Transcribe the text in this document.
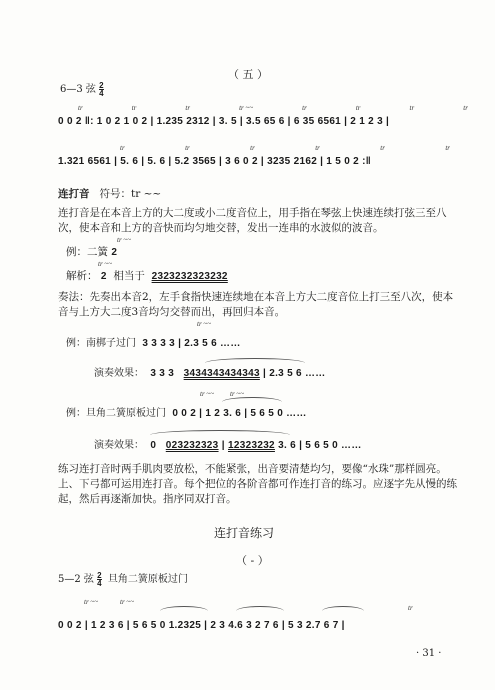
（ 五 ）
6—3 弦 $\frac{2}{4}$
tr	tr	tr	tr ~~	tr	tr	tr	tr
0 0 2 ‖: 1 0 2 1 0 2 | 1.235 2312 | 3. 5 | 3.5 65 6 | 6 35 6561 | 2 1 2 3 |
tr	tr	tr	tr	tr	tr
1.321 6561 | 5. 6 | 5. 6 | 5.2 3565 | 3 6 0 2 | 3235 2162 | 1 5 0 2 :‖
连打音 符号：tr ~~
连打音是在本音上方的大二度或小二度音位上，用手指在琴弦上快速连续打弦三至八次，使本音和上方的音快而均匀地交替，发出一连串的水波似的波音。
tr ~~
例：二簧 2
tr ~~
解析： 2 相当于 2323232323232
奏法：先奏出本音2，左手食指快速连续地在本音上方大二度音位上打三至八次，使本音与上方大二度3音均匀交替而出，再回归本音。
tr ~~
例：南梆子过门 3 3 3 3 | 2.3 5 6 ……
演奏效果： 3 3 3 3434343434343 | 2.3 5 6 ……
tr ~~ tr ~~
例：旦角二簧原板过门 0 0 2 | 1 2 3. 6 | 5 6 5 0 ……
演奏效果： 0 023232323 | 12323232 3. 6 | 5 6 5 0 ……
练习连打音时两手肌肉要放松，不能紧张，出音要清楚均匀，要像“水珠”那样圆亮。上、下弓都可运用连打音。每个把位的各阶音都可作连打音的练习。应逐字先从慢的练起，然后再逐渐加快。指序同双打音。
连打音练习
（ - ）
5—2 弦 $\frac{2}{4}$ 旦角二簧原板过门
tr ~~	tr ~~
tr
0 0 2 | 1 2 3 6 | 5 6 5 0 1.2325 | 2 3 4.6 3 2 7 6 | 5 3 2.7 6 7 |
· 31 ·
